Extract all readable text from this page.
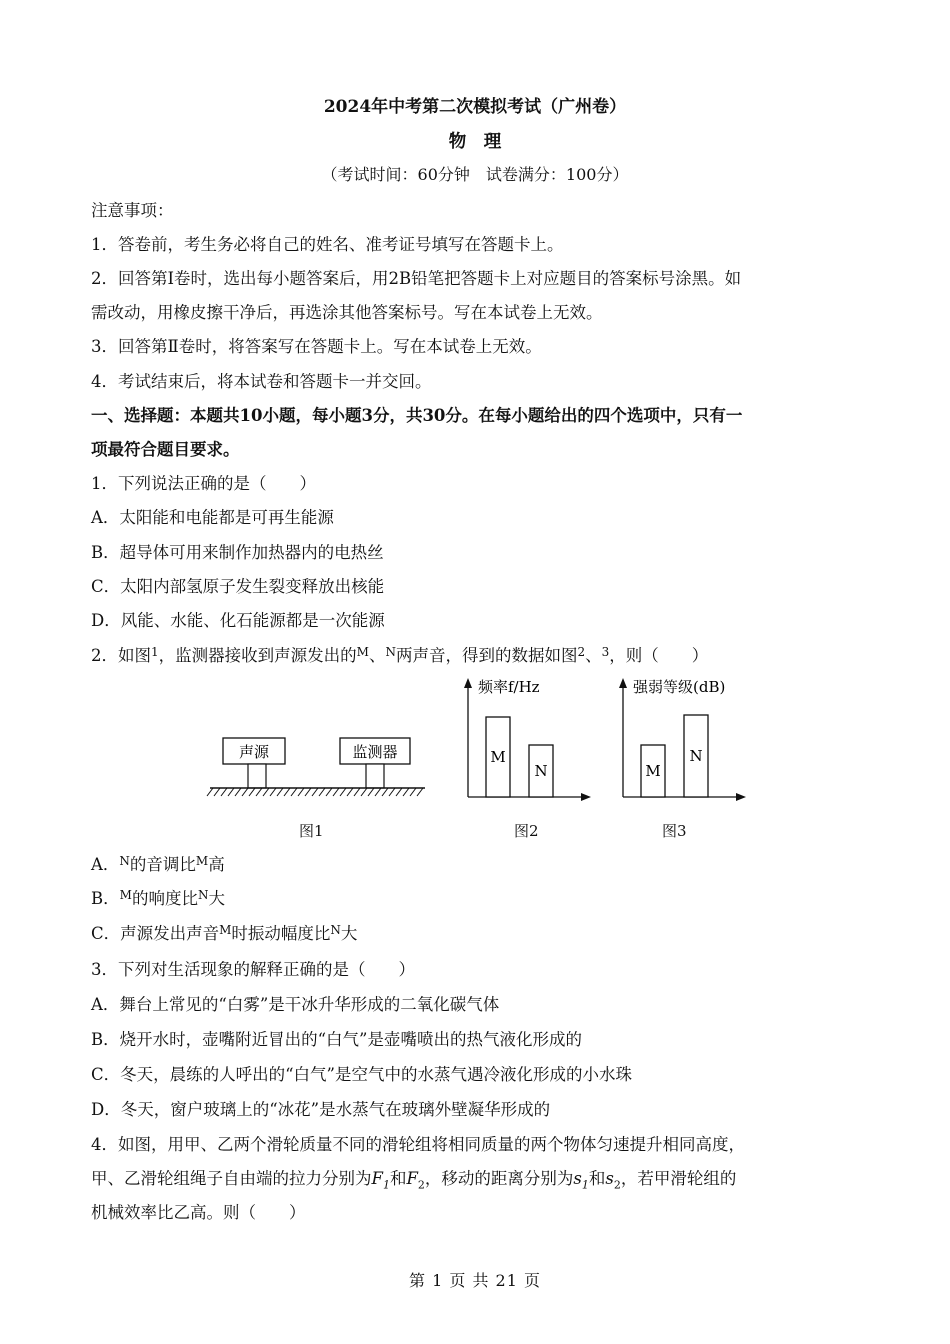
2024年中考第二次模拟考试（广州卷）
物　理
（考试时间：60分钟　试卷满分：100分）
注意事项：
1．答卷前，考生务必将自己的姓名、准考证号填写在答题卡上。
2．回答第Ⅰ卷时，选出每小题答案后，用2B铅笔把答题卡上对应题目的答案标号涂黑。如
需改动，用橡皮擦干净后，再选涂其他答案标号。写在本试卷上无效。
3．回答第Ⅱ卷时，将答案写在答题卡上。写在本试卷上无效。
4．考试结束后，将本试卷和答题卡一并交回。
一、选择题：本题共10小题，每小题3分，共30分。在每小题给出的四个选项中，只有一
项最符合题目要求。
1．下列说法正确的是（　　）
A．太阳能和电能都是可再生能源
B．超导体可用来制作加热器内的电热丝
C．太阳内部氢原子发生裂变释放出核能
D．风能、水能、化石能源都是一次能源
2．如图$^1$，监测器接收到声源发出的$^M$、$^N$两声音，得到的数据如图$^2$、$^3$，则（　　）
声源	监测器
频率f/Hz
M
N
强弱等级(dB)
M
N
图1	图2	图3
A．$^N$的音调比$^M$高
B．$^M$的响度比$^N$大
C．声源发出声音$^M$时振动幅度比$^N$大
3．下列对生活现象的解释正确的是（　　）
A．舞台上常见的“白雾”是干冰升华形成的二氧化碳气体
B．烧开水时，壶嘴附近冒出的“白气”是壶嘴喷出的热气液化形成的
C．冬天，晨练的人呼出的“白气”是空气中的水蒸气遇冷液化形成的小水珠
D．冬天，窗户玻璃上的“冰花”是水蒸气在玻璃外壁凝华形成的
4．如图，用甲、乙两个滑轮质量不同的滑轮组将相同质量的两个物体匀速提升相同高度，
甲、乙滑轮组绳子自由端的拉力分别为$F_1$和$F_2$，移动的距离分别为$s_1$和$s_2$，若甲滑轮组的
机械效率比乙高。则（　　）
第 1 页 共 21 页
